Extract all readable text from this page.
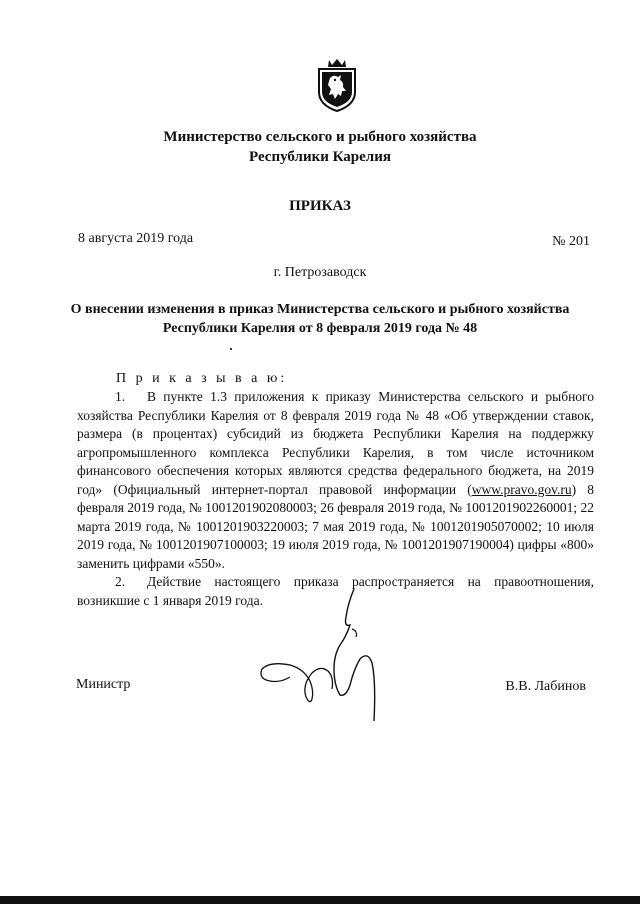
Министерство сельского и рыбного хозяйства
Республики Карелия
ПРИКАЗ
8 августа 2019 года	№ 201
г. Петрозаводск
О внесении изменения в приказ Министерства сельского и рыбного хозяйства
Республики Карелия от 8 февраля 2019 года № 48
П р и к а з ы в а ю:

1. В пункте 1.3 приложения к приказу Министерства сельского и рыбного хозяйства Республики Карелия от 8 февраля 2019 года № 48 «Об утверждении ставок, размера (в процентах) субсидий из бюджета Республики Карелия на поддержку агропромышленного комплекса Республики Карелия, в том числе источником финансового обеспечения которых являются средства федерального бюджета, на 2019 год» (Официальный интернет-портал правовой информации (www.pravo.gov.ru) 8 февраля 2019 года, № 1001201902080003; 26 февраля 2019 года, № 1001201902260001; 22 марта 2019 года, № 1001201903220003; 7 мая 2019 года, № 1001201905070002; 10 июля 2019 года, № 1001201907100003; 19 июля 2019 года, № 1001201907190004) цифры «800» заменить цифрами «550».

2. Действие настоящего приказа распространяется на правоотношения, возникшие с 1 января 2019 года.

Министр	В.В. Лабинов
